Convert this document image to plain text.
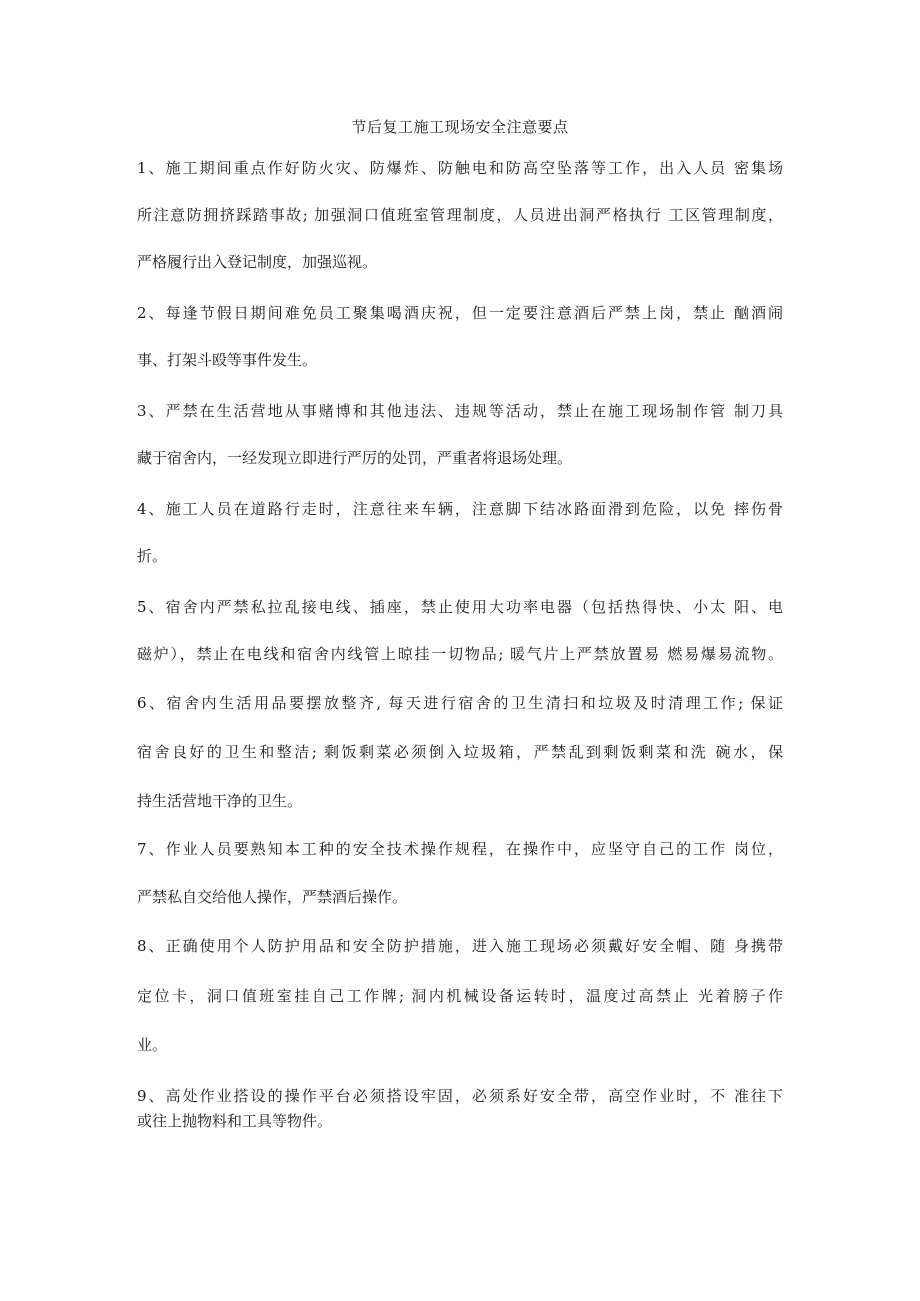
节后复工施工现场安全注意要点
1、施工期间重点作好防火灾、防爆炸、防触电和防高空坠落等工作，出入人员 密集场
所注意防拥挤踩踏事故; 加强洞口值班室管理制度，人员进出洞严格执行 工区管理制度，
严格履行出入登记制度，加强巡视。
2、每逢节假日期间难免员工聚集喝酒庆祝，但一定要注意酒后严禁上岗，禁止 酗酒闹
事、打架斗殴等事件发生。
3、严禁在生活营地从事赌博和其他违法、违规等活动，禁止在施工现场制作管 制刀具
藏于宿舍内，一经发现立即进行严厉的处罚，严重者将退场处理。
4、施工人员在道路行走时，注意往来车辆，注意脚下结冰路面滑到危险，以免 摔伤骨
折。
5、宿舍内严禁私拉乱接电线、插座，禁止使用大功率电器（包括热得快、小太 阳、电
磁炉），禁止在电线和宿舍内线管上晾挂一切物品; 暖气片上严禁放置易 燃易爆易流物。
6、宿舍内生活用品要摆放整齐, 每天进行宿舍的卫生清扫和垃圾及时清理工作; 保证
宿舍良好的卫生和整洁; 剩饭剩菜必须倒入垃圾箱，严禁乱到剩饭剩菜和洗 碗水，保
持生活营地干净的卫生。
7、作业人员要熟知本工种的安全技术操作规程，在操作中，应坚守自己的工作 岗位，
严禁私自交给他人操作，严禁酒后操作。
8、正确使用个人防护用品和安全防护措施，进入施工现场必须戴好安全帽、随 身携带
定位卡，洞口值班室挂自己工作牌; 洞内机械设备运转时，温度过高禁止 光着膀子作
业。
9、高处作业搭设的操作平台必须搭设牢固，必须系好安全带，高空作业时，不 准往下
或往上抛物料和工具等物件。
